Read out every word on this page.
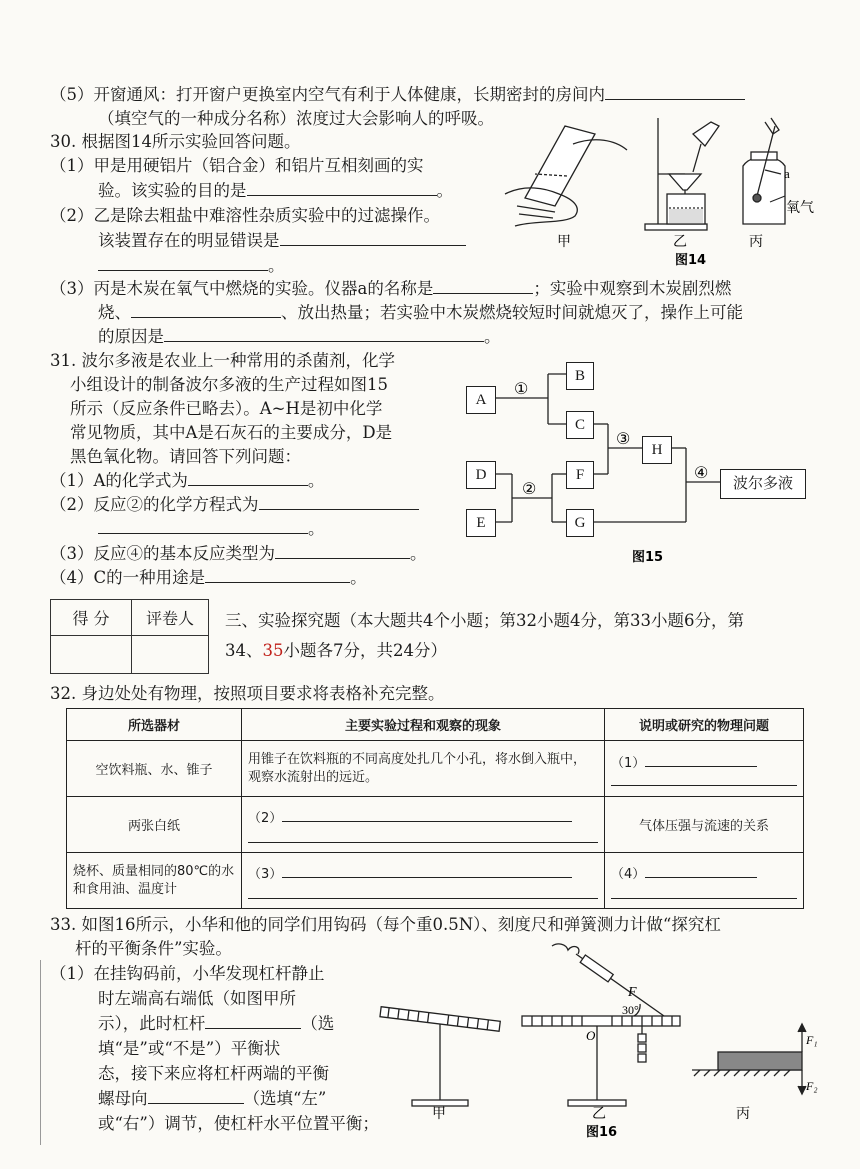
（5）开窗通风：打开窗户更换室内空气有利于人体健康，长期密封的房间内
（填空气的一种成分名称）浓度过大会影响人的呼吸。
30. 根据图14所示实验回答问题。
（1）甲是用硬铝片（铝合金）和铝片互相刻画的实
验。该实验的目的是	。
（2）乙是除去粗盐中难溶性杂质实验中的过滤操作。
该装置存在的明显错误是
。
（3）丙是木炭在氧气中燃烧的实验。仪器a的名称是	；实验中观察到木炭剧烈燃
烧、	、放出热量；若实验中木炭燃烧较短时间就熄灭了，操作上可能
的原因是	。
a
氧气
甲	乙	丙
图14
31. 波尔多液是农业上一种常用的杀菌剂，化学
小组设计的制备波尔多液的生产过程如图15
所示（反应条件已略去）。A~H是初中化学
常见物质，其中A是石灰石的主要成分，D是
黑色氧化物。请回答下列问题：
（1）A的化学式为	。
（2）反应②的化学方程式为
。
（3）反应④的基本反应类型为	。
（4）C的一种用途是	。
①
②
③
④
图15
A
B
C
D
E
F
G
H
波尔多液
得 分	评卷人
	三、实验探究题（本大题共4个小题；第32小题4分，第33小题6分，第
34、35小题各7分，共24分）
32. 身边处处有物理，按照项目要求将表格补充完整。
所选器材	主要实验过程和观察的现象	说明或研究的物理问题
空饮料瓶、水、锥子	用锥子在饮料瓶的不同高度处扎几个小孔，将水倒入瓶中，观察水流射出的远近。	（1）

两张白纸	（2）	气体压强与流速的关系
烧杯、质量相同的80℃的水和食用油、温度计	（3）	（4）
33. 如图16所示，小华和他的同学们用钩码（每个重0.5N）、刻度尺和弹簧测力计做“探究杠
杆的平衡条件”实验。
（1）在挂钩码前，小华发现杠杆静止
时左端高右端低（如图甲所
示），此时杠杆	（选
填“是”或“不是”）平衡状
态，接下来应将杠杆两端的平衡
螺母向	（选填“左”
或“右”）调节，使杠杆水平位置平衡；
F
30°
O	F₁
F₂
甲	乙	丙
图16
